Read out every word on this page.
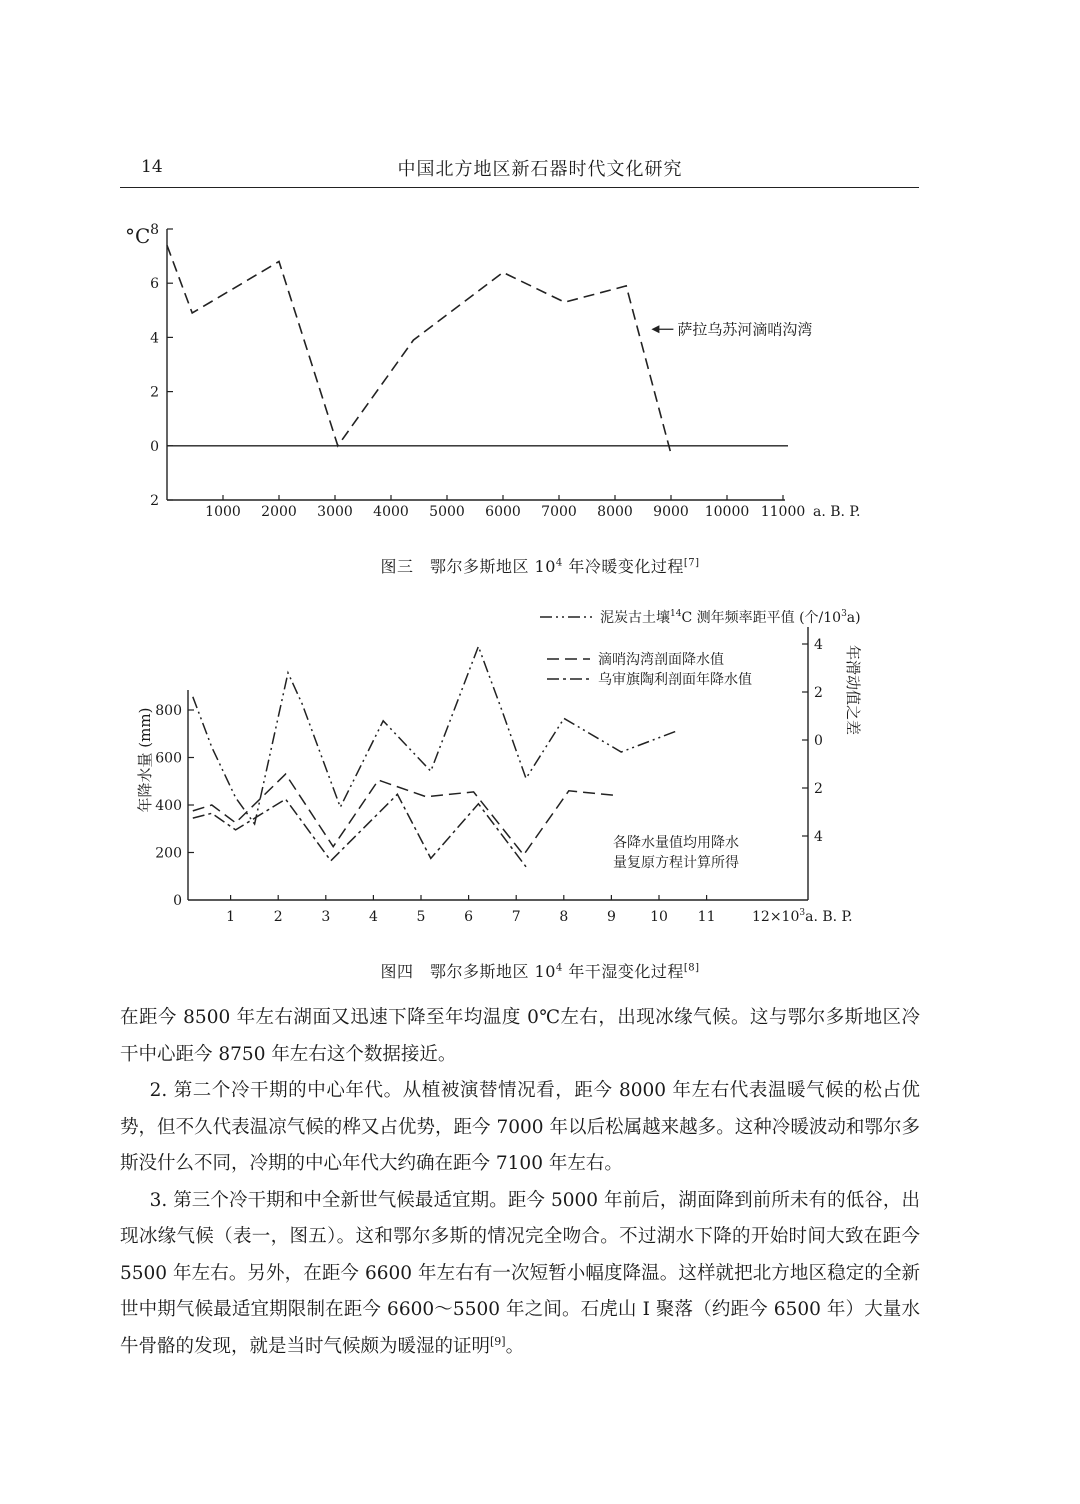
14	中国北方地区新石器时代文化研究
°C 8
6
4
2
0
2
1000 2000 3000 4000 5000 6000 7000 8000 9000 10000 11000 a. B. P.
萨拉乌苏河滴哨沟湾
图三　鄂尔多斯地区 $10^4$ 年冷暖变化过程[7]
年降水量 (mm)
年滑动值之差
0
200
400
600
800
4
2
0
2
4
1	2	3	4	5	6	7	8	9 10 11	$12\times 10^3a$. B. P.
泥炭古土壤$^{14}$C 测年频率距平值 (个$/10^3a$)
滴哨沟湾剖面降水值
乌审旗陶利剖面年降水值
各降水量值均用降水
量复原方程计算所得
图四　鄂尔多斯地区 $10^4$ 年干湿变化过程[8]

在距今 8500 年左右湖面又迅速下降至年均温度 0℃左右，出现冰缘气候。这与鄂尔多斯地区冷干中心距今 8750 年左右这个数据接近。

2. 第二个冷干期的中心年代。从植被演替情况看，距今 8000 年左右代表温暖气候的松占优势，但不久代表温凉气候的桦又占优势，距今 7000 年以后松属越来越多。这种冷暖波动和鄂尔多斯没什么不同，冷期的中心年代大约确在距今 7100 年左右。

3. 第三个冷干期和中全新世气候最适宜期。距今 5000 年前后，湖面降到前所未有的低谷，出现冰缘气候（表一，图五）。这和鄂尔多斯的情况完全吻合。不过湖水下降的开始时间大致在距今 5500 年左右。另外，在距今 6600 年左右有一次短暂小幅度降温。这样就把北方地区稳定的全新世中期气候最适宜期限制在距今 6600～5500 年之间。石虎山 I 聚落（约距今 6500 年）大量水牛骨骼的发现，就是当时气候颇为暖湿的证明[9]。
